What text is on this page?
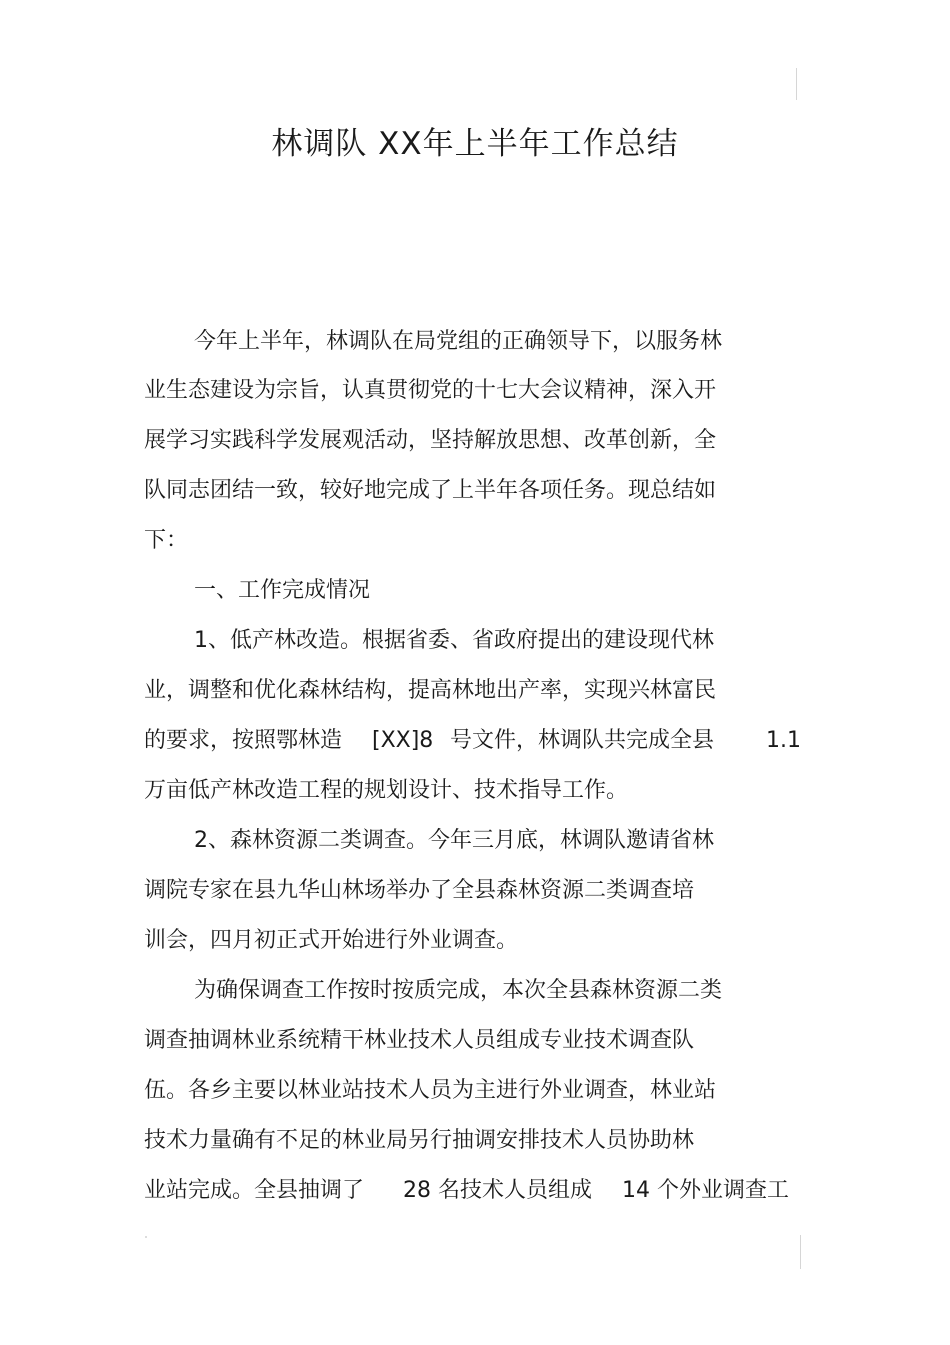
林调队 XX年上半年工作总结
今年上半年，林调队在局党组的正确领导下，以服务林
业生态建设为宗旨，认真贯彻党的十七大会议精神，深入开
展学习实践科学发展观活动，坚持解放思想、改革创新，全
队同志团结一致，较好地完成了上半年各项任务。现总结如
下：
一、工作完成情况
1、低产林改造。根据省委、省政府提出的建设现代林
业，调整和优化森林结构，提高林地出产率，实现兴林富民
的要求，按照鄂林造 [XX]8 号文件，林调队共完成全县 1.1
万亩低产林改造工程的规划设计、技术指导工作。
2、森林资源二类调查。今年三月底，林调队邀请省林
调院专家在县九华山林场举办了全县森林资源二类调查培
训会，四月初正式开始进行外业调查。
为确保调查工作按时按质完成，本次全县森林资源二类
调查抽调林业系统精干林业技术人员组成专业技术调查队
伍。各乡主要以林业站技术人员为主进行外业调查，林业站
技术力量确有不足的林业局另行抽调安排技术人员协助林
业站完成。全县抽调了 28 名技术人员组成 14 个外业调查工
